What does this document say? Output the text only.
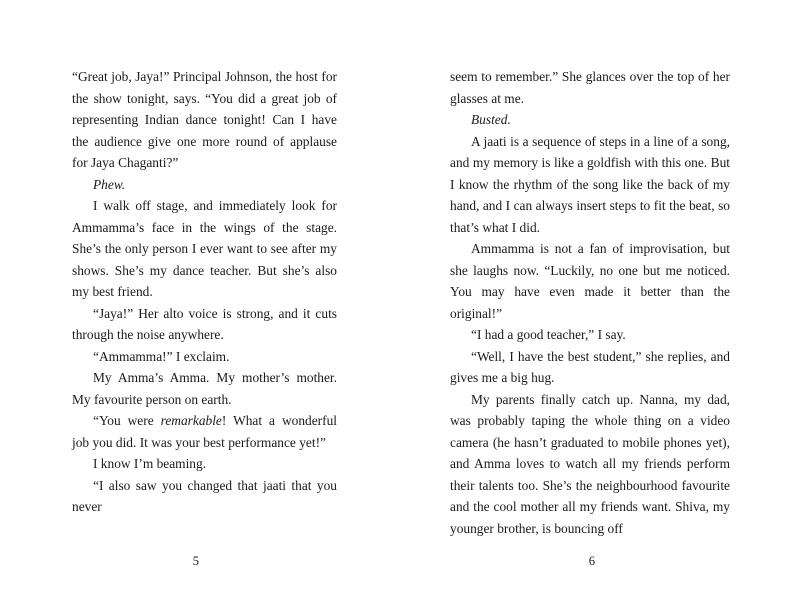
“Great job, Jaya!” Principal Johnson, the host for the show tonight, says. “You did a great job of representing Indian dance tonight! Can I have the audience give one more round of applause for Jaya Chaganti?”

Phew.

I walk off stage, and immediately look for Ammamma’s face in the wings of the stage. She’s the only person I ever want to see after my shows. She’s my dance teacher. But she’s also my best friend.

“Jaya!” Her alto voice is strong, and it cuts through the noise anywhere.

“Ammamma!” I exclaim.

My Amma’s Amma. My mother’s mother. My favourite person on earth.

“You were remarkable! What a wonderful job you did. It was your best performance yet!”

I know I’m beaming.

“I also saw you changed that jaati that you never

5

seem to remember.” She glances over the top of her glasses at me.

Busted.

A jaati is a sequence of steps in a line of a song, and my memory is like a goldfish with this one. But I know the rhythm of the song like the back of my hand, and I can always insert steps to fit the beat, so that’s what I did.

Ammamma is not a fan of improvisation, but she laughs now. “Luckily, no one but me noticed. You may have even made it better than the original!”

“I had a good teacher,” I say.

“Well, I have the best student,” she replies, and gives me a big hug.

My parents finally catch up. Nanna, my dad, was probably taping the whole thing on a video camera (he hasn’t graduated to mobile phones yet), and Amma loves to watch all my friends perform their talents too. She’s the neighbourhood favourite and the cool mother all my friends want. Shiva, my younger brother, is bouncing off

6
